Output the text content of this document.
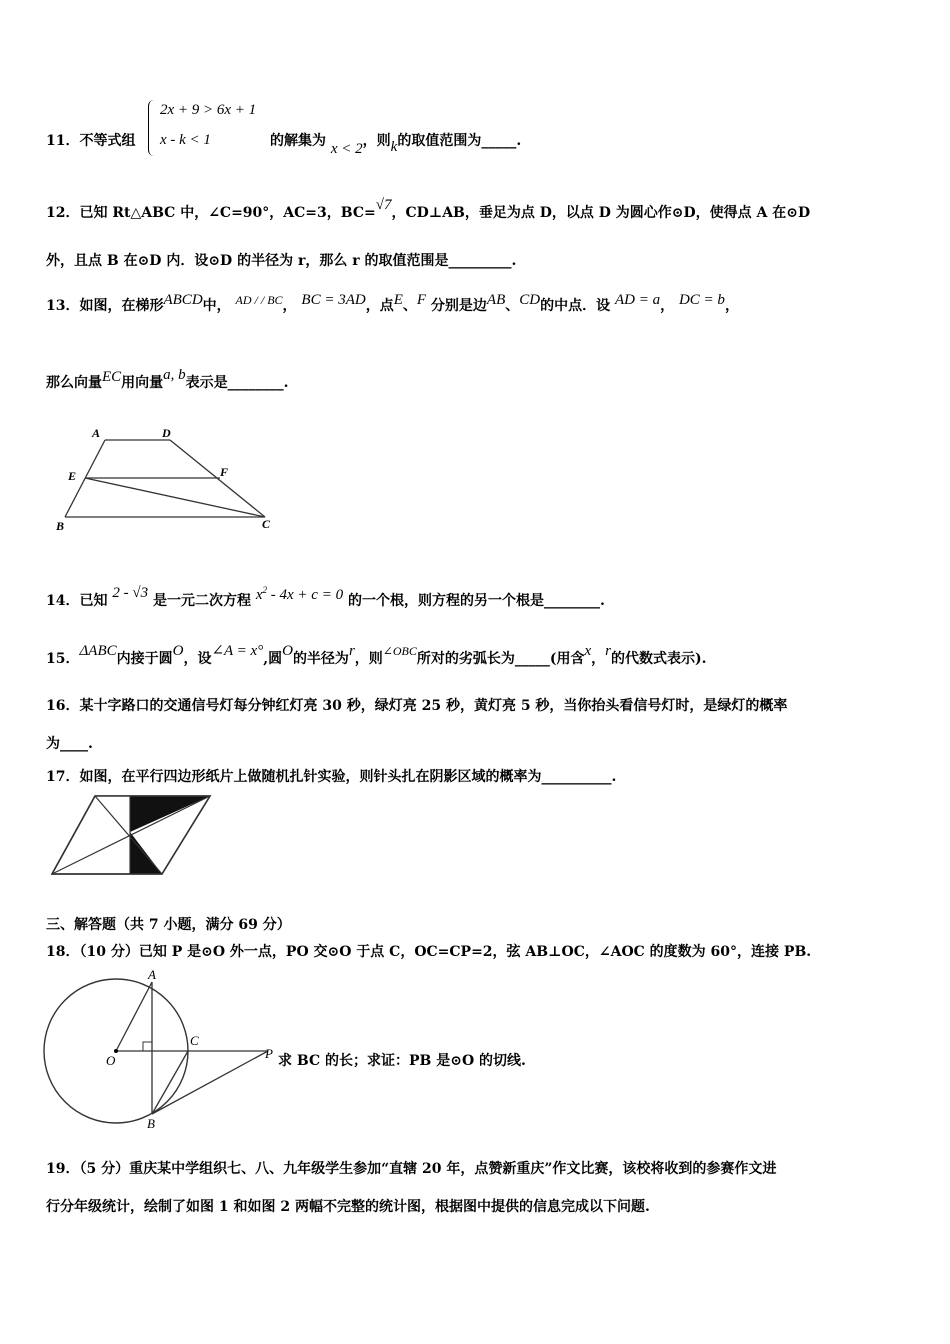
11．不等式组
2x + 9 > 6x + 1
x - k < 1	的解集为 x < 2，则k的取值范围为_____.
12．已知 Rt△ABC 中，∠C=90°，AC=3，BC=√7，CD⊥AB，垂足为点 D，以点 D 为圆心作⊙D，使得点 A 在⊙D
外，且点 B 在⊙D 内．设⊙D 的半径为 r，那么 r 的取值范围是_________.
13．如图，在梯形ABCD中， AD / / BC， BC = 3AD，点E、F 分别是边AB、CD的中点．设 AD = a， DC = b，
那么向量EC用向量a, b表示是________.
A	D
E	F
B	C
14．已知 2 - √3 是一元二次方程 $x^2 - 4x + c = 0$ 的一个根，则方程的另一个根是________.
15．ΔABC内接于圆O，设∠A = x°,圆O的半径为r，则∠OBC所对的劣弧长为_____(用含x，r的代数式表示).
16．某十字路口的交通信号灯每分钟红灯亮 30 秒，绿灯亮 25 秒，黄灯亮 5 秒，当你抬头看信号灯时，是绿灯的概率
为____.
17．如图，在平行四边形纸片上做随机扎针实验，则针头扎在阴影区域的概率为__________.
三、解答题（共 7 小题，满分 69 分）
18．（10 分）已知 P 是⊙O 外一点，PO 交⊙O 于点 C，OC=CP=2，弦 AB⊥OC，∠AOC 的度数为 60°，连接 PB.
A
O
C
P
B
求 BC 的长；求证：PB 是⊙O 的切线.
19．（5 分）重庆某中学组织七、八、九年级学生参加“直辖 20 年，点赞新重庆”作文比赛，该校将收到的参赛作文进
行分年级统计，绘制了如图 1 和如图 2 两幅不完整的统计图，根据图中提供的信息完成以下问题.
